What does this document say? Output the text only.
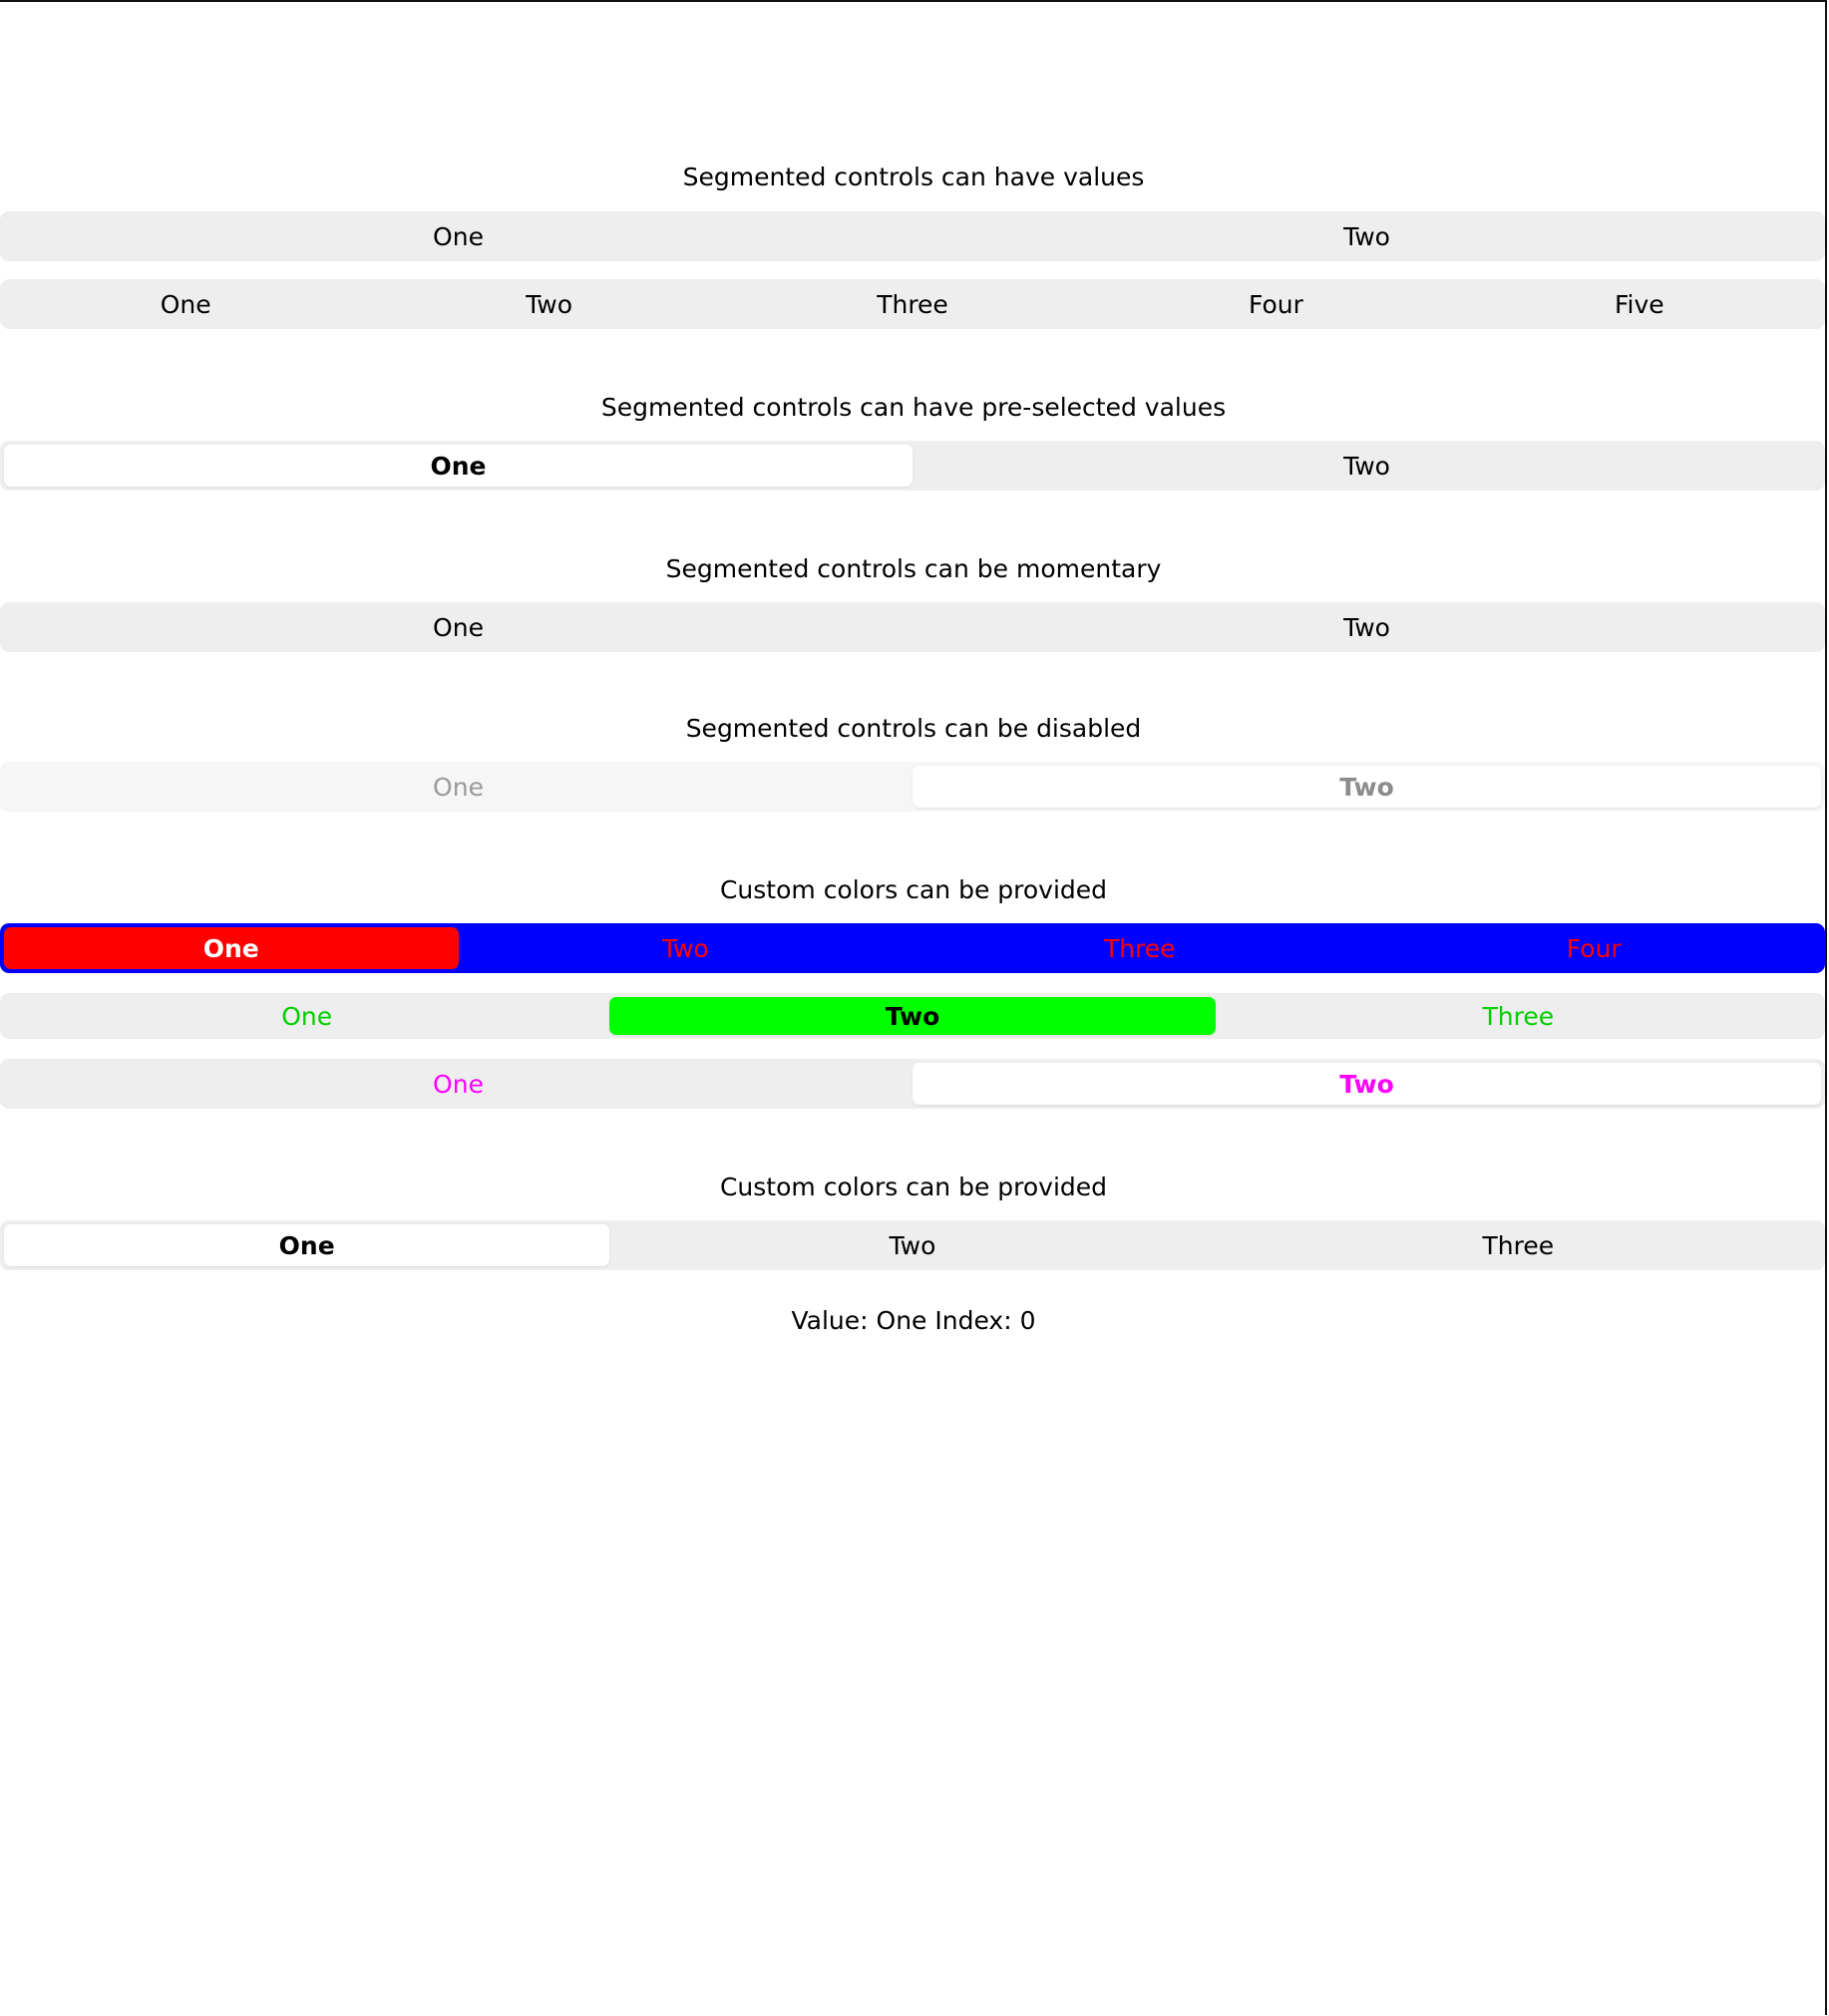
Segmented controls can have values
One	Two
One	Two	Three	Four	Five
Segmented controls can have pre-selected values
One	Two
Segmented controls can be momentary
One	Two
Segmented controls can be disabled
One	Two
Custom colors can be provided
One	Two	Three	Four
One	Two	Three
One	Two
Custom colors can be provided
One	Two	Three
Value: One Index: 0
